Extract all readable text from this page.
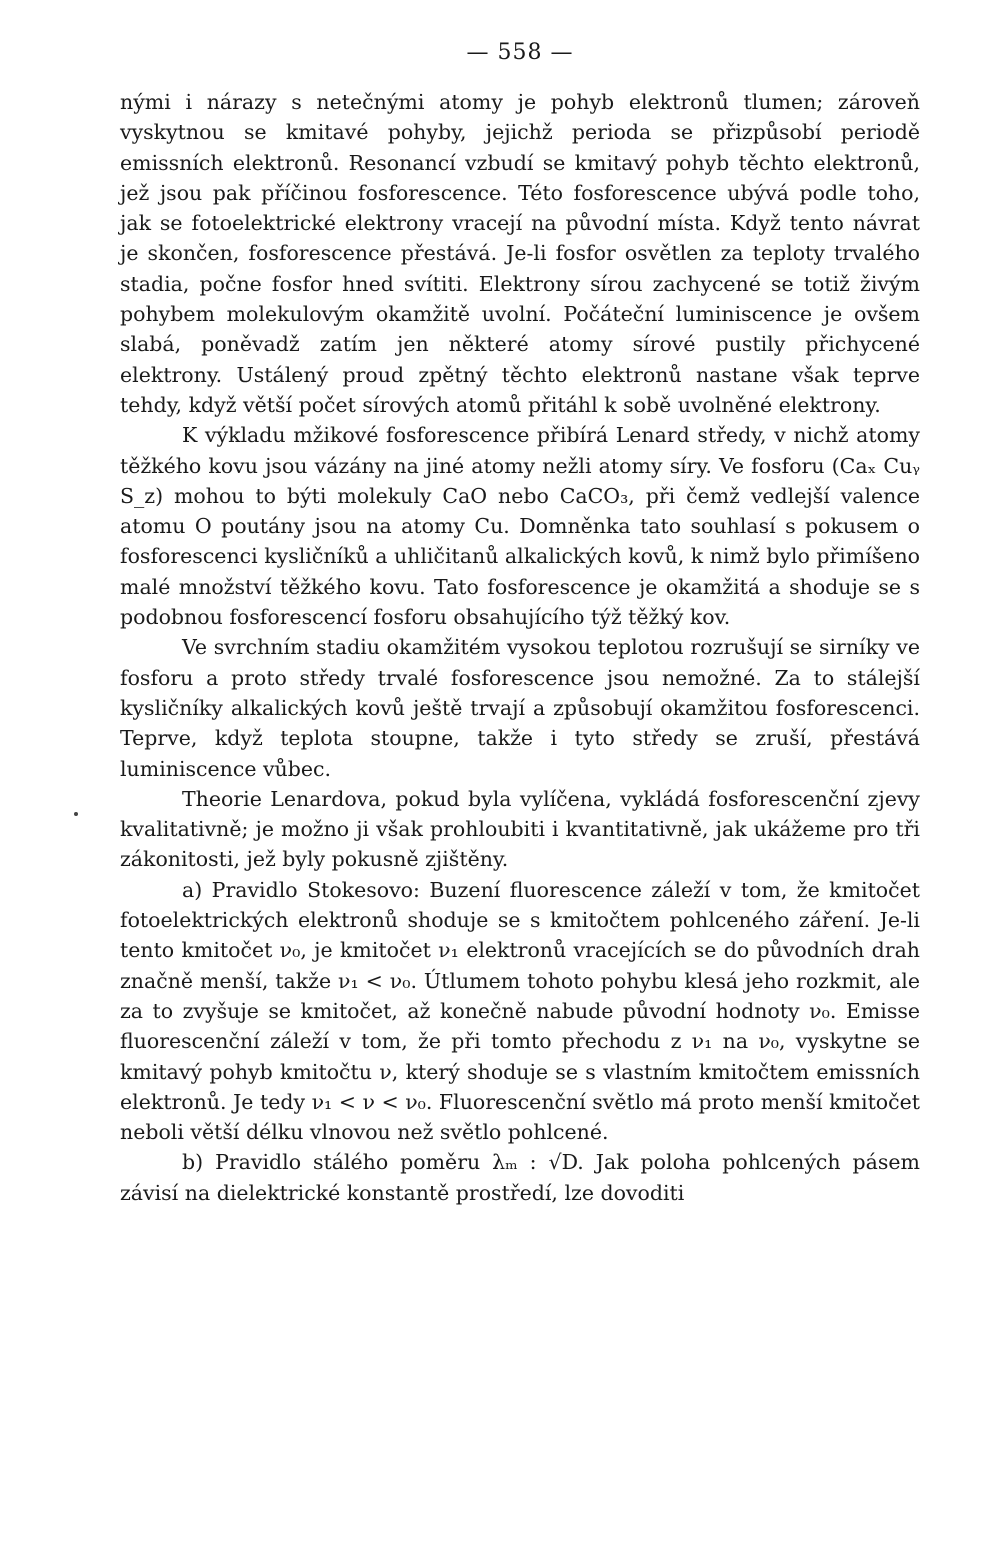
— 558 —

nými i nárazy s netečnými atomy je pohyb elektronů tlumen; zároveň vyskytnou se kmitavé pohyby, jejichž perioda se přizpůsobí periodě emissních elektronů. Resonancí vzbudí se kmitavý pohyb těchto elektronů, jež jsou pak příčinou fosforescence. Této fosforescence ubývá podle toho, jak se fotoelektrické elektrony vracejí na původní místa. Když tento návrat je skončen, fosforescence přestává. Je-li fosfor osvětlen za teploty trvalého stadia, počne fosfor hned svítiti. Elektrony sírou zachycené se totiž živým pohybem molekulovým okamžitě uvolní. Počáteční luminiscence je ovšem slabá, poněvadž zatím jen některé atomy sírové pustily přichycené elektrony. Ustálený proud zpětný těchto elektronů nastane však teprve tehdy, když větší počet sírových atomů přitáhl k sobě uvolněné elektrony.

K výkladu mžikové fosforescence přibírá Lenard středy, v nichž atomy těžkého kovu jsou vázány na jiné atomy nežli atomy síry. Ve fosforu (Caₓ Cuᵧ S_z) mohou to býti molekuly CaO nebo CaCO₃, při čemž vedlejší valence atomu O poutány jsou na atomy Cu. Domněnka tato souhlasí s pokusem o fosforescenci kysličníků a uhličitanů alkalických kovů, k nimž bylo přimíšeno malé množství těžkého kovu. Tato fosforescence je okamžitá a shoduje se s podobnou fosforescencí fosforu obsahujícího týž těžký kov.

Ve svrchním stadiu okamžitém vysokou teplotou rozrušují se sirníky ve fosforu a proto středy trvalé fosforescence jsou nemožné. Za to stálejší kysličníky alkalických kovů ještě trvají a způsobují okamžitou fosforescenci. Teprve, když teplota stoupne, takže i tyto středy se zruší, přestává luminiscence vůbec.

Theorie Lenardova, pokud byla vylíčena, vykládá fosforescenční zjevy kvalitativně; je možno ji však prohloubiti i kvantitativně, jak ukážeme pro tři zákonitosti, jež byly pokusně zjištěny.

a) Pravidlo Stokesovo: Buzení fluorescence záleží v tom, že kmitočet fotoelektrických elektronů shoduje se s kmitočtem pohlceného záření. Je-li tento kmitočet ν₀, je kmitočet ν₁ elektronů vracejících se do původních drah značně menší, takže ν₁ < ν₀. Útlumem tohoto pohybu klesá jeho rozkmit, ale za to zvyšuje se kmitočet, až konečně nabude původní hodnoty ν₀. Emisse fluorescenční záleží v tom, že při tomto přechodu z ν₁ na ν₀, vyskytne se kmitavý pohyb kmitočtu ν, který shoduje se s vlastním kmitočtem emissních elektronů. Je tedy ν₁ < ν < ν₀. Fluorescenční světlo má proto menší kmitočet neboli větší délku vlnovou než světlo pohlcené.

b) Pravidlo stálého poměru λₘ : √D. Jak poloha pohlcených pásem závisí na dielektrické konstantě prostředí, lze dovoditi
